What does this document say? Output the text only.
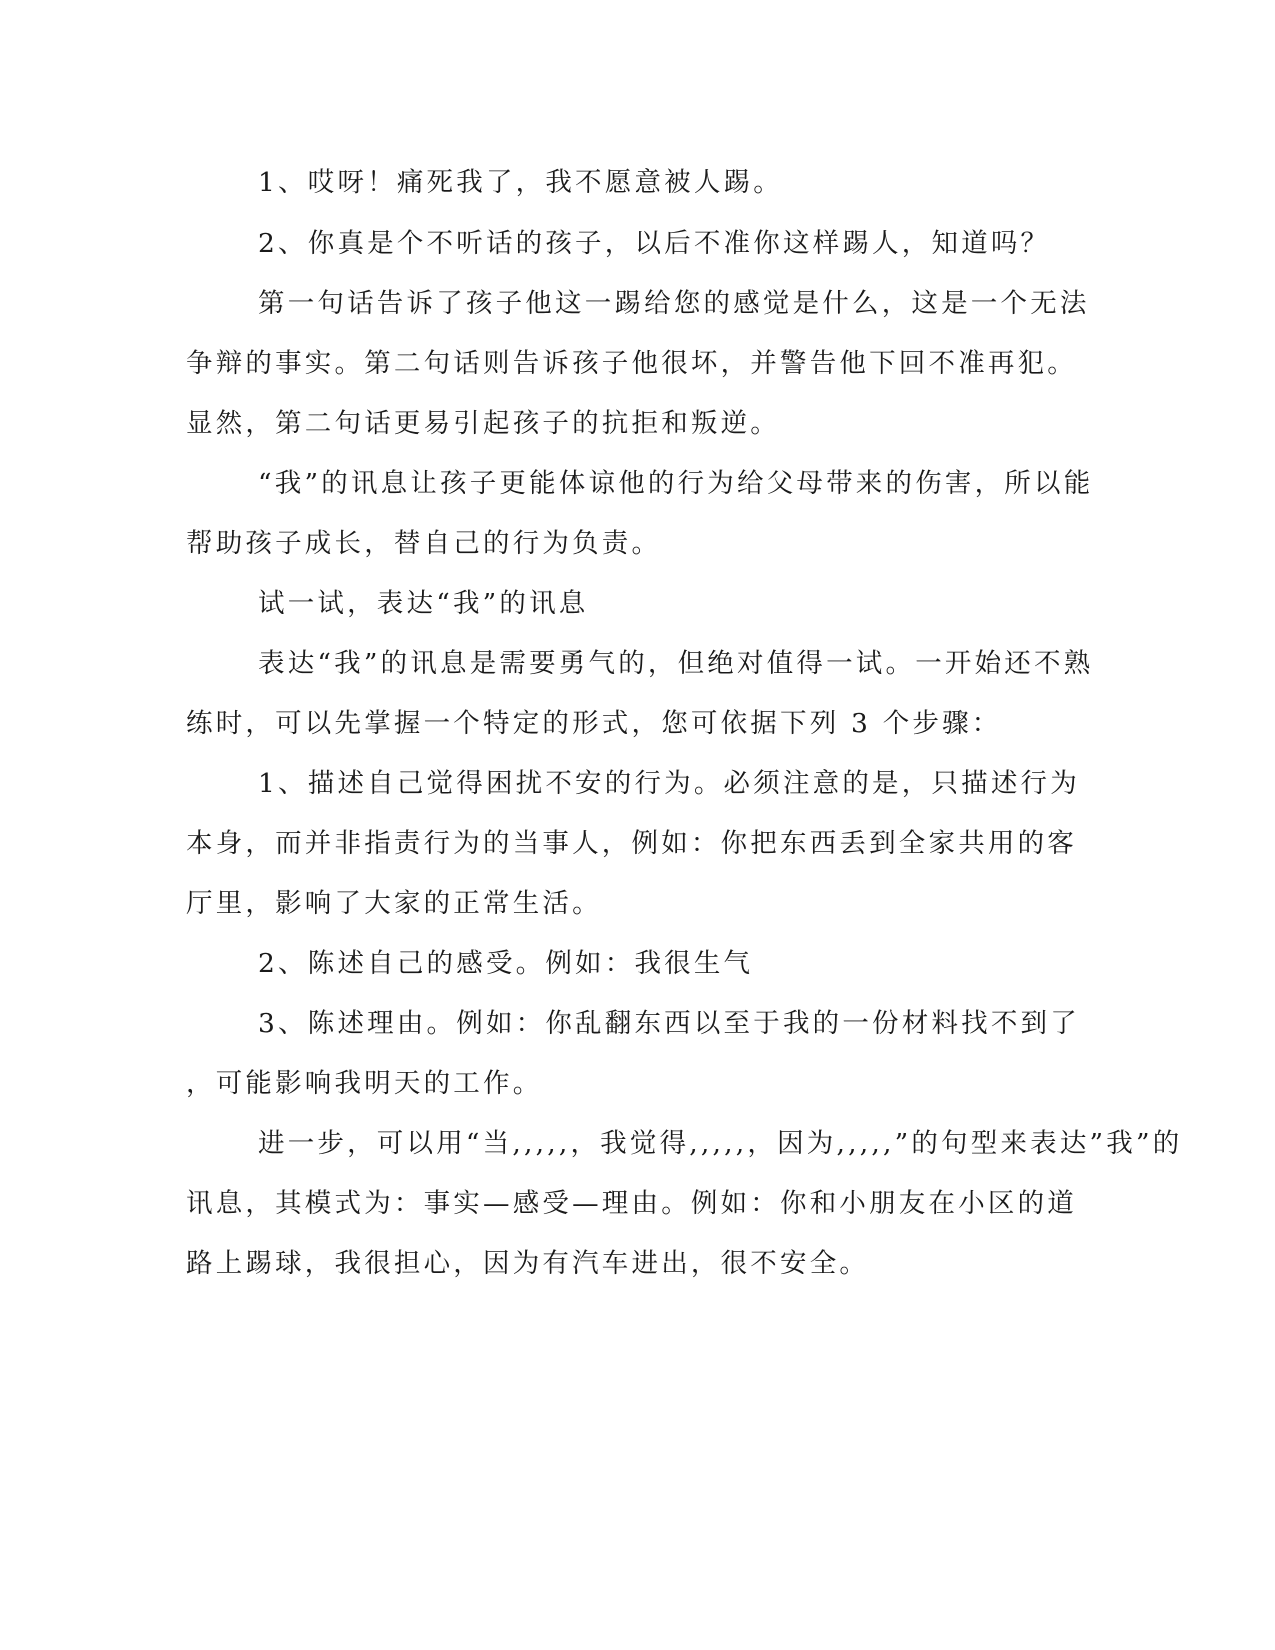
1、哎呀！痛死我了，我不愿意被人踢。
2、你真是个不听话的孩子，以后不准你这样踢人，知道吗？
第一句话告诉了孩子他这一踢给您的感觉是什么，这是一个无法
争辩的事实。第二句话则告诉孩子他很坏，并警告他下回不准再犯。
显然，第二句话更易引起孩子的抗拒和叛逆。
“我”的讯息让孩子更能体谅他的行为给父母带来的伤害，所以能
帮助孩子成长，替自己的行为负责。
试一试，表达“我”的讯息
表达“我”的讯息是需要勇气的，但绝对值得一试。一开始还不熟
练时，可以先掌握一个特定的形式，您可依据下列 3 个步骤：
1、描述自己觉得困扰不安的行为。必须注意的是，只描述行为
本身，而并非指责行为的当事人，例如：你把东西丢到全家共用的客
厅里，影响了大家的正常生活。
2、陈述自己的感受。例如：我很生气
3、陈述理由。例如：你乱翻东西以至于我的一份材料找不到了
，可能影响我明天的工作。
进一步，可以用“当,,,,,，我觉得,,,,,，因为,,,,,”的句型来表达”我”的
讯息，其模式为：事实—感受—理由。例如：你和小朋友在小区的道
路上踢球，我很担心，因为有汽车进出，很不安全。
